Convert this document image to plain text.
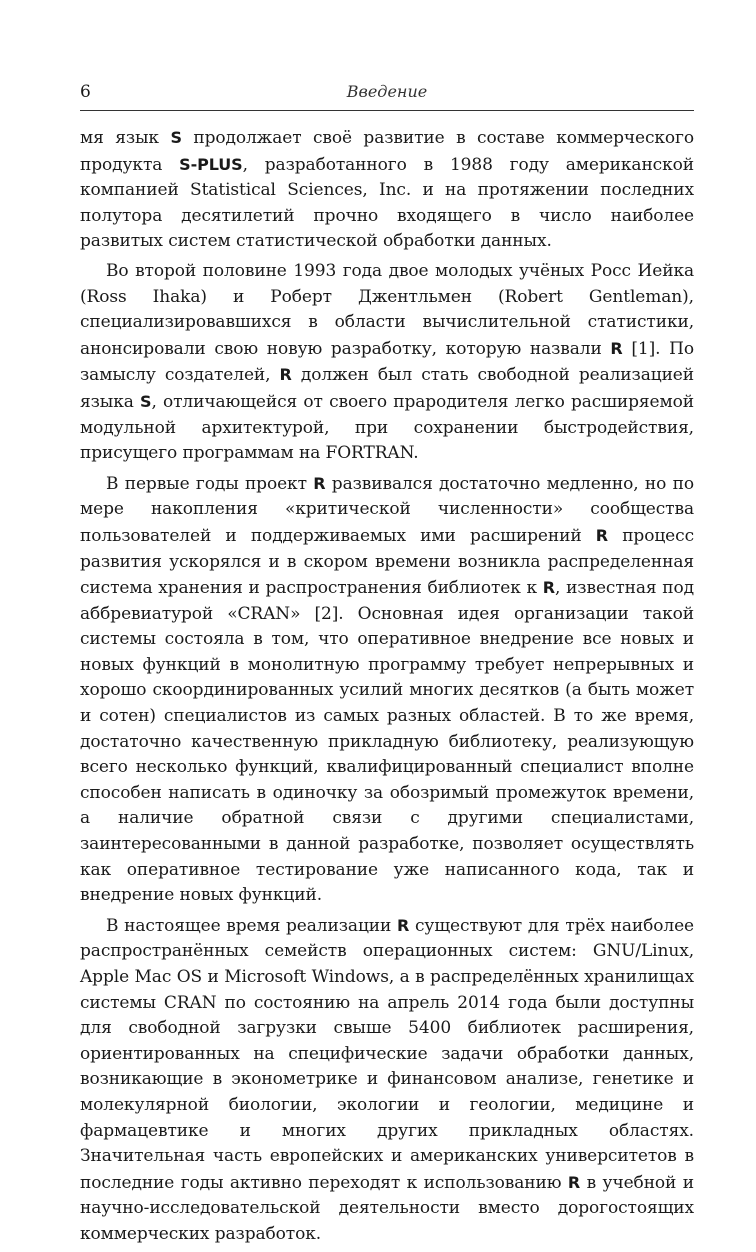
6	Введение

мя язык S продолжает своё развитие в составе коммерческого продукта S-PLUS, разработанного в 1988 году американской компанией Statistical Sciences, Inc. и на протяжении последних полутора десятилетий прочно входящего в число наиболее развитых систем статистической обработки данных.

Во второй половине 1993 года двое молодых учёных Росс Иейка (Ross Ihaka) и Роберт Джентльмен (Robert Gentleman), специализировавшихся в области вычислительной статистики, анонсировали свою новую разработку, которую назвали R [1]. По замыслу создателей, R должен был стать свободной реализацией языка S, отличающейся от своего прародителя легко расширяемой модульной архитектурой, при сохранении быстродействия, присущего программам на FORTRAN.

В первые годы проект R развивался достаточно медленно, но по мере накопления «критической численности» сообщества пользователей и поддерживаемых ими расширений R процесс развития ускорялся и в скором времени возникла распределенная система хранения и распространения библиотек к R, известная под аббревиатурой «CRAN» [2]. Основная идея организации такой системы состояла в том, что оперативное внедрение все новых и новых функций в монолитную программу требует непрерывных и хорошо скоординированных усилий многих десятков (а быть может и сотен) специалистов из самых разных областей. В то же время, достаточно качественную прикладную библиотеку, реализующую всего несколько функций, квалифицированный специалист вполне способен написать в одиночку за обозримый промежуток времени, а наличие обратной связи с другими специалистами, заинтересованными в данной разработке, позволяет осуществлять как оперативное тестирование уже написанного кода, так и внедрение новых функций.

В настоящее время реализации R существуют для трёх наиболее распространённых семейств операционных систем: GNU/Linux, Apple Mac OS и Microsoft Windows, а в распределённых хранилищах системы CRAN по состоянию на апрель 2014 года были доступны для свободной загрузки свыше 5400 библиотек расширения, ориентированных на специфические задачи обработки данных, возникающие в эконометрике и финансовом анализе, генетике и молекулярной биологии, экологии и геологии, медицине и фармацевтике и многих других прикладных областях. Значительная часть европейских и американских университетов в последние годы активно переходят к использованию R в учебной и научно-исследовательской деятельности вместо дорогостоящих коммерческих разработок.
